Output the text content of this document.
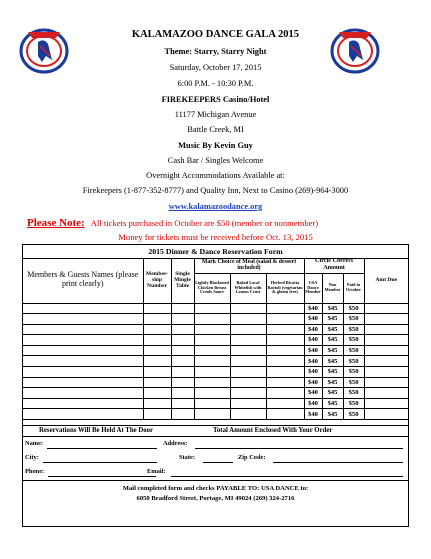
KALAMAZOO DANCE GALA 2015
Theme: Starry, Starry Night
Saturday, October 17, 2015
6:00 P.M. - 10:30 P.M.
FIREKEEPERS Casino/Hotel
11177 Michigan Avenue
Battle Creek, MI
Music By Kevin Guy
Cash Bar / Singles Welcome
Overnight Accommodations Available at:
Firekeepers (1-877-352-8777) and Quality Inn, Next to Casino (269)-964-3000
www.kalamazoodance.org
Please Note: All tickets purchased in October are $50 (member or nonmember)
Money for tickets must be received before Oct. 13, 2015
2015 Dinner & Dance Reservation Form
Members & Guests Names (please print clearly)	Member-ship Number	Single Mingle Table	Mark Choice of Meal (salad & dessert included)			Circle Correct Amount			Amt Due
			Lightly Blackened Chicken Breast Creole Sauce	Baked Local Whitefish with Lemon Crust	Herbed Ricotta Ravioli (vegetarian & gluten free)	USA Dance Member	Non Member	Paid in October	
						$40	$45	$50	
						$40	$45	$50	
						$40	$45	$50	
						$40	$45	$50	
						$40	$45	$50	
						$40	$45	$50	
						$40	$45	$50	
						$40	$45	$50	
						$40	$45	$50	
						$40	$45	$50	
						$40	$45	$50	
Reservations Will Be Held At The Door	Total Amount Enclosed With Your Order
Name:	Address:
City:	State:	Zip Code:
Phone:	Email:
Mail completed form and checks PAYABLE TO: USA DANCE to:
6050 Bradford Street, Portage, MI 49024 (269) 324-2716
